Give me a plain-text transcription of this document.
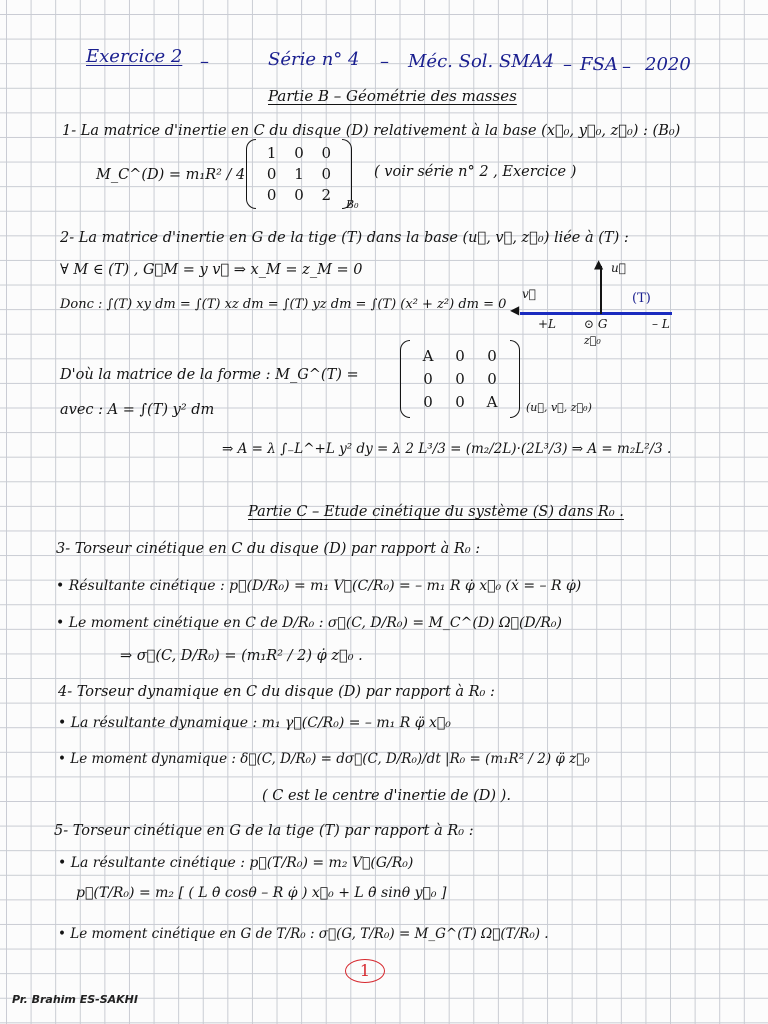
Exercice 2 –	Série n° 4 – Méc. Sol. SMA4 – FSA – 2020
Partie B – Géométrie des masses
1- La matrice d'inertie en C du disque (D) relativement à la base (x⃗₀, y⃗₀, z⃗₀) : (B₀)
M_C^(D) = m₁R² / 4
1 0 0
0 1 0
0 0 2
B₀
( voir série n° 2 , Exercice )
2- La matrice d'inertie en G de la tige (T) dans la base (u⃗, v⃗, z⃗₀) liée à (T) :
∀ M ∈ (T) , G⃗M = y v⃗ ⇒ x_M = z_M = 0
Donc : ∫(T) xy dm = ∫(T) xz dm = ∫(T) yz dm = ∫(T) (x² + z²) dm = 0
▲ u⃗
◀
v⃗	(T)
+L ⊙ G	– L
z⃗₀
D'où la matrice de la forme : M_G^(T) =
A 0 0
0 0 0
0 0 A	(u⃗, v⃗, z⃗₀)
avec : A = ∫(T) y² dm
⇒ A = λ ∫₋L^+L y² dy = λ 2 L³/3 = (m₂/2L)·(2L³/3) ⇒ A = m₂L²/3 .
Partie C – Etude cinétique du système (S) dans R₀ .
3- Torseur cinétique en C du disque (D) par rapport à R₀ :
• Résultante cinétique : p⃗(D/R₀) = m₁ V⃗(C/R₀) = – m₁ R φ̇ x⃗₀ (ẋ = – R φ̇)
• Le moment cinétique en C de D/R₀ : σ⃗(C, D/R₀) = M_C^(D) Ω⃗(D/R₀)
⇒ σ⃗(C, D/R₀) = (m₁R² / 2) φ̇ z⃗₀ .
4- Torseur dynamique en C du disque (D) par rapport à R₀ :
• La résultante dynamique : m₁ γ⃗(C/R₀) = – m₁ R φ̈ x⃗₀
• Le moment dynamique : δ⃗(C, D/R₀) = dσ⃗(C, D/R₀)/dt |R₀ = (m₁R² / 2) φ̈ z⃗₀
( C est le centre d'inertie de (D) ).
5- Torseur cinétique en G de la tige (T) par rapport à R₀ :
• La résultante cinétique : p⃗(T/R₀) = m₂ V⃗(G/R₀)
p⃗(T/R₀) = m₂ [ ( L θ̇ cosθ – R φ̇ ) x⃗₀ + L θ̇ sinθ y⃗₀ ]
• Le moment cinétique en G de T/R₀ : σ⃗(G, T/R₀) = M_G^(T) Ω⃗(T/R₀) .
1
Pr. Brahim ES-SAKHI
